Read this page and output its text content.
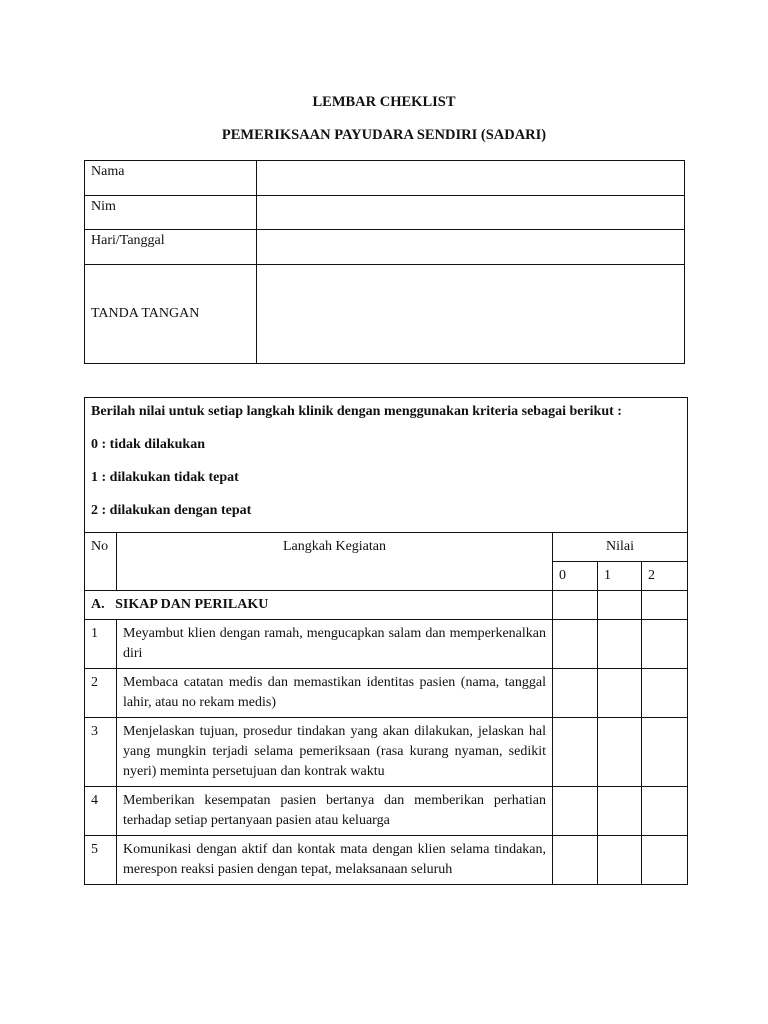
LEMBAR CHEKLIST
PEMERIKSAAN PAYUDARA SENDIRI (SADARI)
Nama	
Nim	
Hari/Tanggal	
TANDA TANGAN	

Berilah nilai untuk setiap langkah klinik dengan menggunakan kriteria sebagai berikut :

0 : tidak dilakukan

1 : dilakukan tidak tepat

2 : dilakukan dengan tepat				

No	Langkah Kegiatan	Nilai		
		0	1	2
A.   SIKAP DAN PERILAKU				
1	Meyambut klien dengan ramah, mengucapkan salam dan memperkenalkan diri			
2	Membaca catatan medis dan memastikan identitas pasien (nama, tanggal lahir, atau no rekam medis)			
3	Menjelaskan tujuan, prosedur tindakan yang akan dilakukan, jelaskan hal yang mungkin terjadi selama pemeriksaan (rasa kurang nyaman, sedikit nyeri) meminta persetujuan dan kontrak waktu			
4	Memberikan kesempatan pasien bertanya dan memberikan perhatian terhadap setiap pertanyaan pasien atau keluarga			
5	Komunikasi dengan aktif dan kontak mata dengan klien selama tindakan, merespon reaksi pasien dengan tepat, melaksanaan seluruh			
